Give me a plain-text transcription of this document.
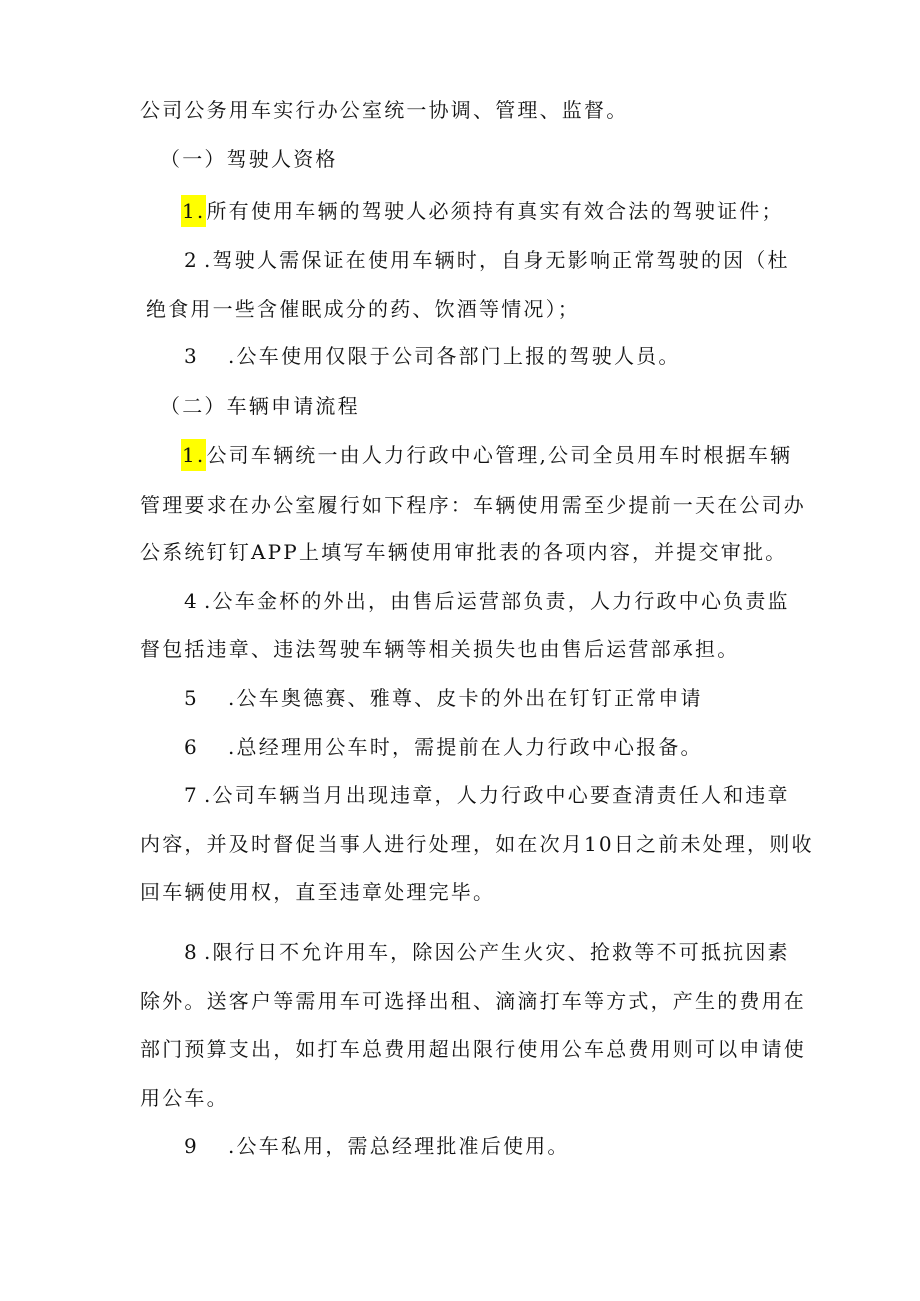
公司公务用车实行办公室统一协调、管理、监督。
（一）驾驶人资格
1.所有使用车辆的驾驶人必须持有真实有效合法的驾驶证件；
2 .驾驶人需保证在使用车辆时，自身无影响正常驾驶的因（杜
绝食用一些含催眠成分的药、饮酒等情况）；
3 .公车使用仅限于公司各部门上报的驾驶人员。
（二）车辆申请流程
1.公司车辆统一由人力行政中心管理,公司全员用车时根据车辆
管理要求在办公室履行如下程序：车辆使用需至少提前一天在公司办
公系统钉钉APP上填写车辆使用审批表的各项内容，并提交审批。
4 .公车金杯的外出，由售后运营部负责，人力行政中心负责监
督包括违章、违法驾驶车辆等相关损失也由售后运营部承担。
5 .公车奥德赛、雅尊、皮卡的外出在钉钉正常申请
6 .总经理用公车时，需提前在人力行政中心报备。
7 .公司车辆当月出现违章，人力行政中心要查清责任人和违章
内容，并及时督促当事人进行处理，如在次月10日之前未处理，则收
回车辆使用权，直至违章处理完毕。
8 .限行日不允许用车，除因公产生火灾、抢救等不可抵抗因素
除外。送客户等需用车可选择出租、滴滴打车等方式，产生的费用在
部门预算支出，如打车总费用超出限行使用公车总费用则可以申请使
用公车。
9 .公车私用，需总经理批准后使用。
